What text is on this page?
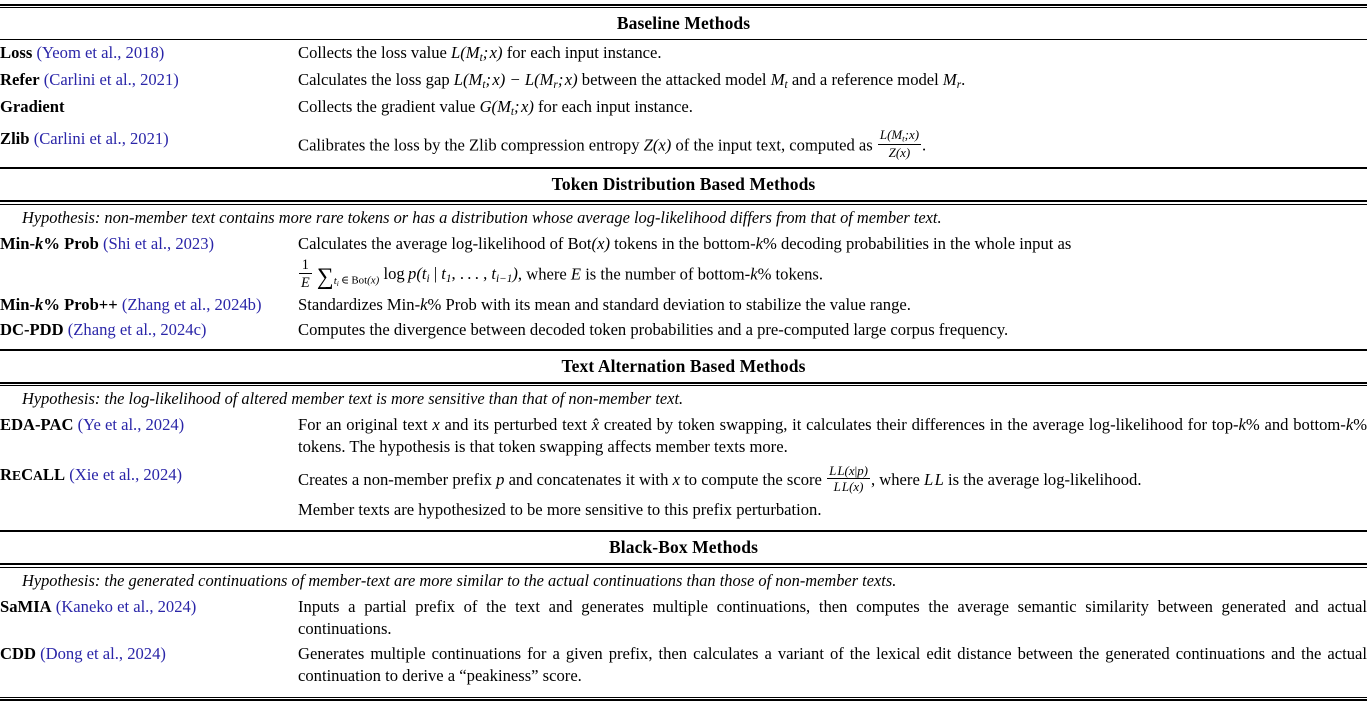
Baseline Methods
Loss (Yeom et al., 2018)	Collects the loss value $L(M_t$; x) for each input instance.

Refer (Carlini et al., 2021)	Calculates the loss gap $L(M_t$; $x) - L(M_r$; x) between the attacked model $M_t$ and a reference model $M_r$.

Gradient	Collects the gradient value $G(M_t$; x) for each input instance.

Zlib (Carlini et al., 2021)	Calibrates the loss by the Zlib compression entropy Z(x) of the input text, computed as $\frac{L(M_t;x)}{Z(x)}$ .

Token Distribution Based Methods
Hypothesis: non-member text contains more rare tokens or has a distribution whose average log-likelihood differs from that of member text.
Min-k% Prob (Shi et al., 2023)	Calculates the average log-likelihood of Bot(x) tokens in the bottom-k% decoding probabilities in the whole input as

$\frac{1}{E} \sum_{t_i \in Bot(x)}$ $\log p(t_i$ | $t_1$, . . . , $t_{i-1}$), where E is the number of bottom-k% tokens.

Min-k% Prob++ (Zhang et al., 2024b)	Standardizes Min-k% Prob with its mean and standard deviation to stabilize the value range.

DC-PDD (Zhang et al., 2024c)	Computes the divergence between decoded token probabilities and a pre-computed large corpus frequency.

Text Alternation Based Methods
Hypothesis: the log-likelihood of altered member text is more sensitive than that of non-member text.
EDA-PAC (Ye et al., 2024)	For an original text x and its perturbed text x̂ created by token swapping, it calculates their differences in the average log-likelihood for top-k% and bottom-k% tokens. The hypothesis is that token swapping affects member texts more.

RECALL (Xie et al., 2024)	Creates a non-member prefix p and concatenates it with x to compute the score $\frac{\text{L L(x|p)}}{\text{L L(x)}}$ , where L L is the average log-likelihood.

Member texts are hypothesized to be more sensitive to this prefix perturbation.

Black-Box Methods
Hypothesis: the generated continuations of member-text are more similar to the actual continuations than those of non-member texts.
SaMIA (Kaneko et al., 2024)	Inputs a partial prefix of the text and generates multiple continuations, then computes the average semantic similarity between generated and actual continuations.

CDD (Dong et al., 2024)	Generates multiple continuations for a given prefix, then calculates a variant of the lexical edit distance between the generated continuations and the actual continuation to derive a “peakiness” score.
